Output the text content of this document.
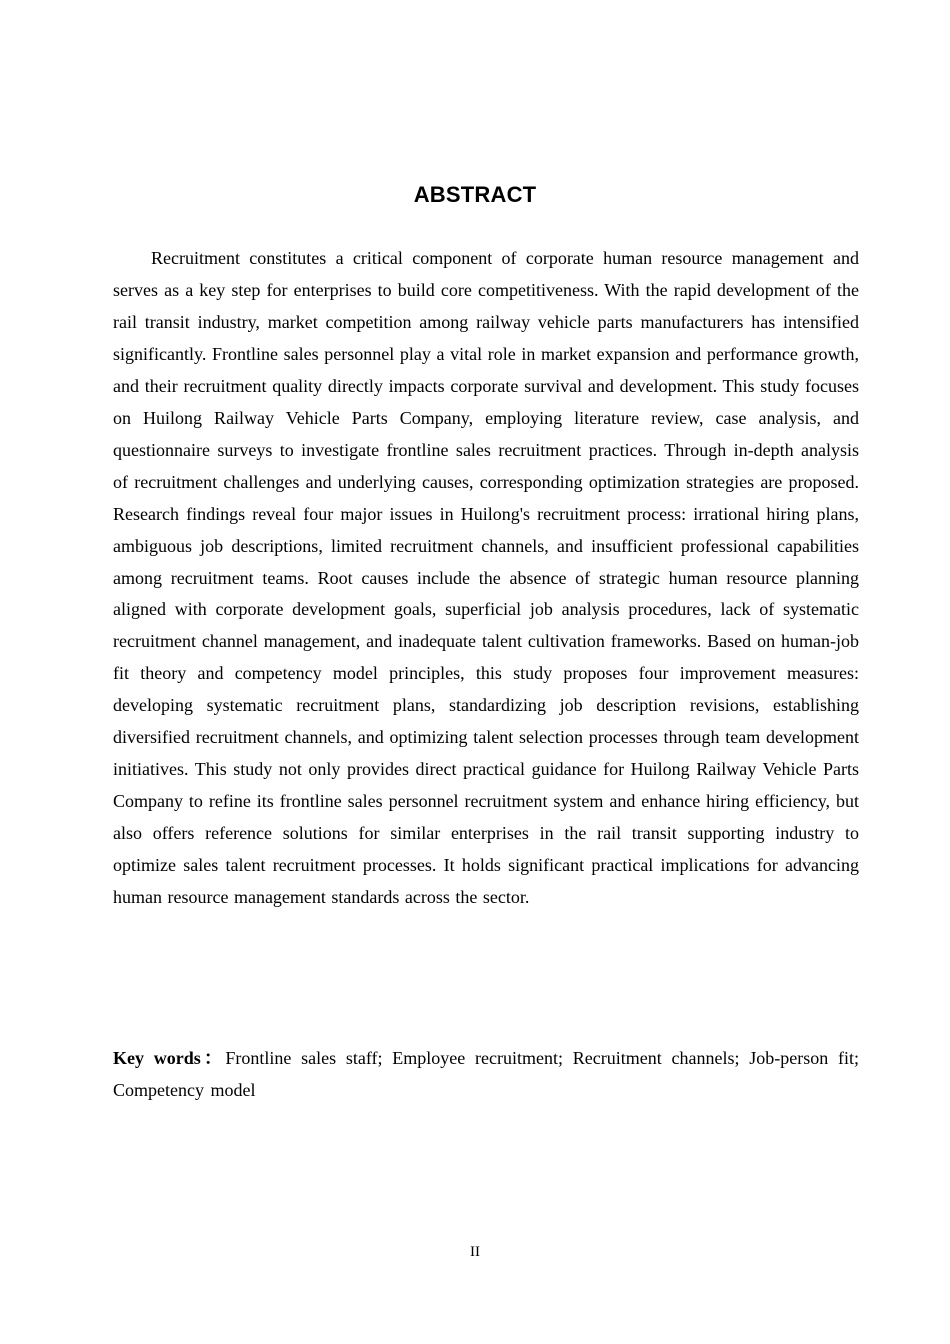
ABSTRACT

Recruitment constitutes a critical component of corporate human resource management and serves as a key step for enterprises to build core competitiveness. With the rapid development of the rail transit industry, market competition among railway vehicle parts manufacturers has intensified significantly. Frontline sales personnel play a vital role in market expansion and performance growth, and their recruitment quality directly impacts corporate survival and development. This study focuses on Huilong Railway Vehicle Parts Company, employing literature review, case analysis, and questionnaire surveys to investigate frontline sales recruitment practices. Through in-depth analysis of recruitment challenges and underlying causes, corresponding optimization strategies are proposed. Research findings reveal four major issues in Huilong's recruitment process: irrational hiring plans, ambiguous job descriptions, limited recruitment channels, and insufficient professional capabilities among recruitment teams. Root causes include the absence of strategic human resource planning aligned with corporate development goals, superficial job analysis procedures, lack of systematic recruitment channel management, and inadequate talent cultivation frameworks. Based on human-job fit theory and competency model principles, this study proposes four improvement measures: developing systematic recruitment plans, standardizing job description revisions, establishing diversified recruitment channels, and optimizing talent selection processes through team development initiatives. This study not only provides direct practical guidance for Huilong Railway Vehicle Parts Company to refine its frontline sales personnel recruitment system and enhance hiring efficiency, but also offers reference solutions for similar enterprises in the rail transit supporting industry to optimize sales talent recruitment processes. It holds significant practical implications for advancing human resource management standards across the sector.

Key words：Frontline sales staff; Employee recruitment; Recruitment channels; Job-person fit; Competency model

II
